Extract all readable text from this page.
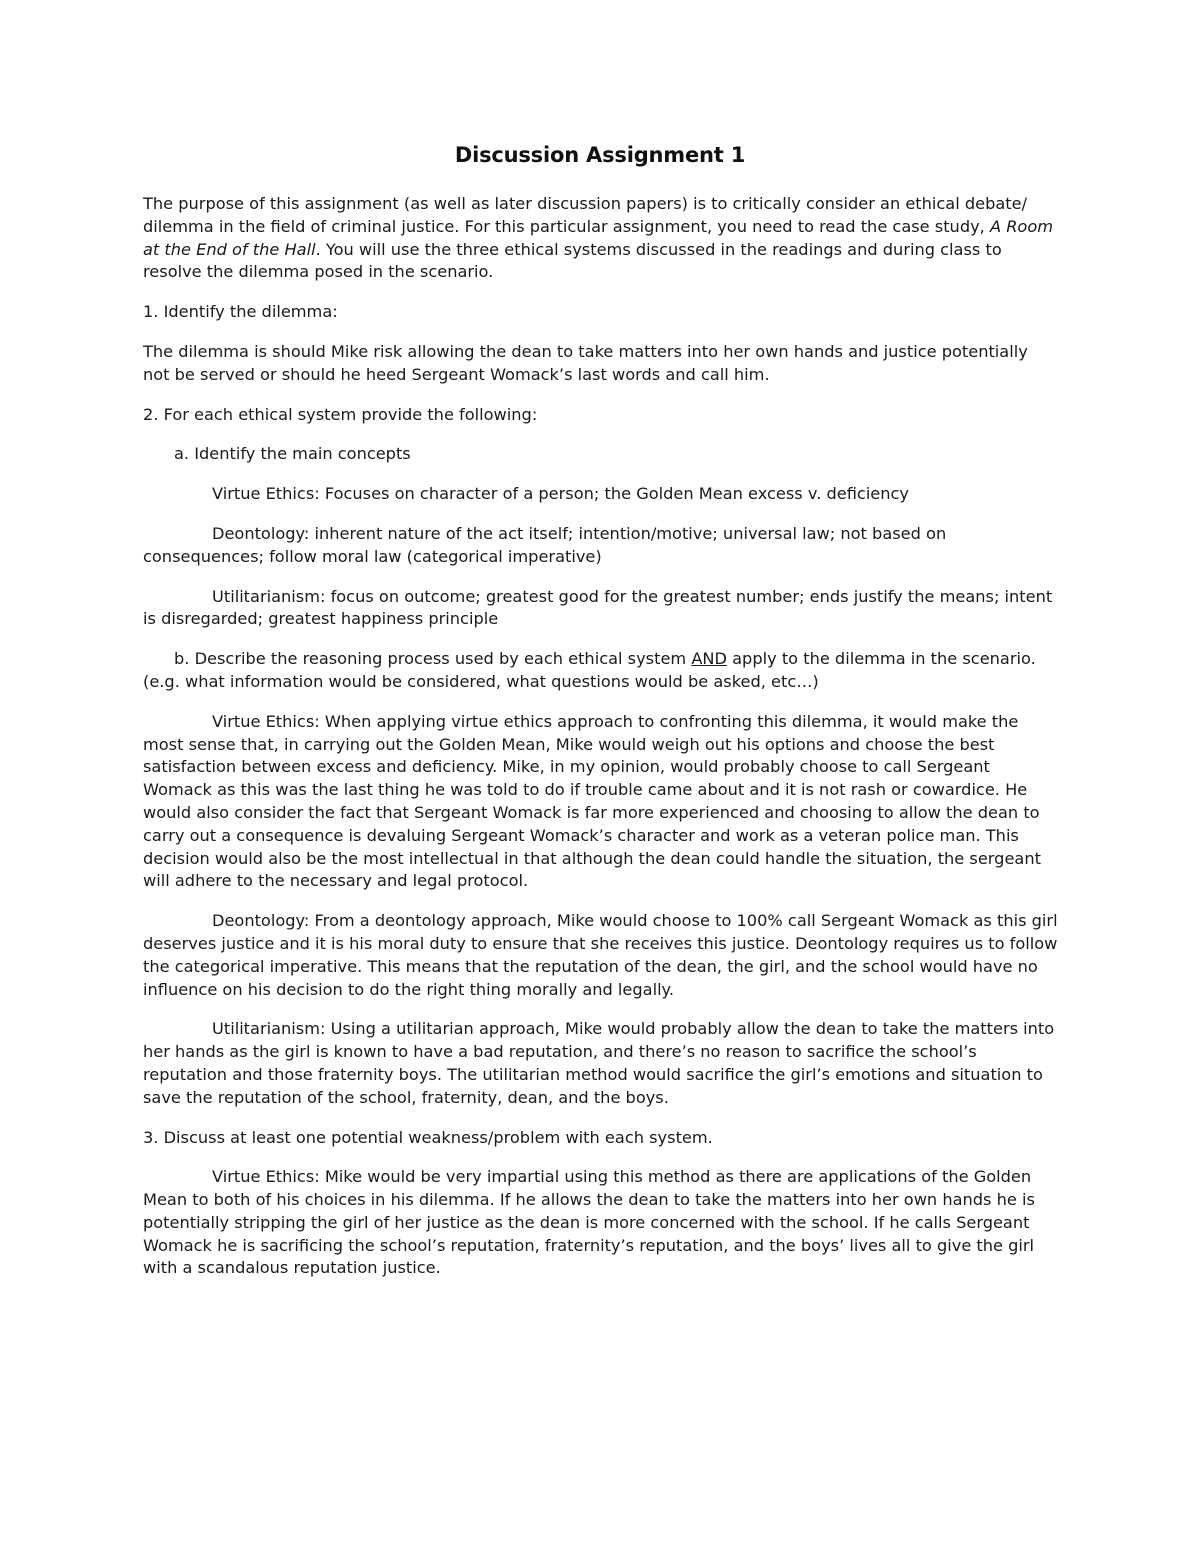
Discussion Assignment 1

The purpose of this assignment (as well as later discussion papers) is to critically consider an ethical debate/ dilemma in the field of criminal justice. For this particular assignment, you need to read the case study, A Room at the End of the Hall. You will use the three ethical systems discussed in the readings and during class to resolve the dilemma posed in the scenario.

1. Identify the dilemma:

The dilemma is should Mike risk allowing the dean to take matters into her own hands and justice potentially not be served or should he heed Sergeant Womack’s last words and call him.

2. For each ethical system provide the following:

a. Identify the main concepts

Virtue Ethics: Focuses on character of a person; the Golden Mean excess v. deficiency

Deontology: inherent nature of the act itself; intention/motive; universal law; not based on consequences; follow moral law (categorical imperative)

Utilitarianism: focus on outcome; greatest good for the greatest number; ends justify the means; intent is disregarded; greatest happiness principle

b. Describe the reasoning process used by each ethical system AND apply to the dilemma in the scenario. (e.g. what information would be considered, what questions would be asked, etc…)

Virtue Ethics: When applying virtue ethics approach to confronting this dilemma, it would make the most sense that, in carrying out the Golden Mean, Mike would weigh out his options and choose the best satisfaction between excess and deficiency. Mike, in my opinion, would probably choose to call Sergeant Womack as this was the last thing he was told to do if trouble came about and it is not rash or cowardice. He would also consider the fact that Sergeant Womack is far more experienced and choosing to allow the dean to carry out a consequence is devaluing Sergeant Womack’s character and work as a veteran police man. This decision would also be the most intellectual in that although the dean could handle the situation, the sergeant will adhere to the necessary and legal protocol.

Deontology: From a deontology approach, Mike would choose to 100% call Sergeant Womack as this girl deserves justice and it is his moral duty to ensure that she receives this justice. Deontology requires us to follow the categorical imperative. This means that the reputation of the dean, the girl, and the school would have no influence on his decision to do the right thing morally and legally.

Utilitarianism: Using a utilitarian approach, Mike would probably allow the dean to take the matters into her hands as the girl is known to have a bad reputation, and there’s no reason to sacrifice the school’s reputation and those fraternity boys. The utilitarian method would sacrifice the girl’s emotions and situation to save the reputation of the school, fraternity, dean, and the boys.

3. Discuss at least one potential weakness/problem with each system.

Virtue Ethics: Mike would be very impartial using this method as there are applications of the Golden Mean to both of his choices in his dilemma. If he allows the dean to take the matters into her own hands he is potentially stripping the girl of her justice as the dean is more concerned with the school. If he calls Sergeant Womack he is sacrificing the school’s reputation, fraternity’s reputation, and the boys’ lives all to give the girl with a scandalous reputation justice.
